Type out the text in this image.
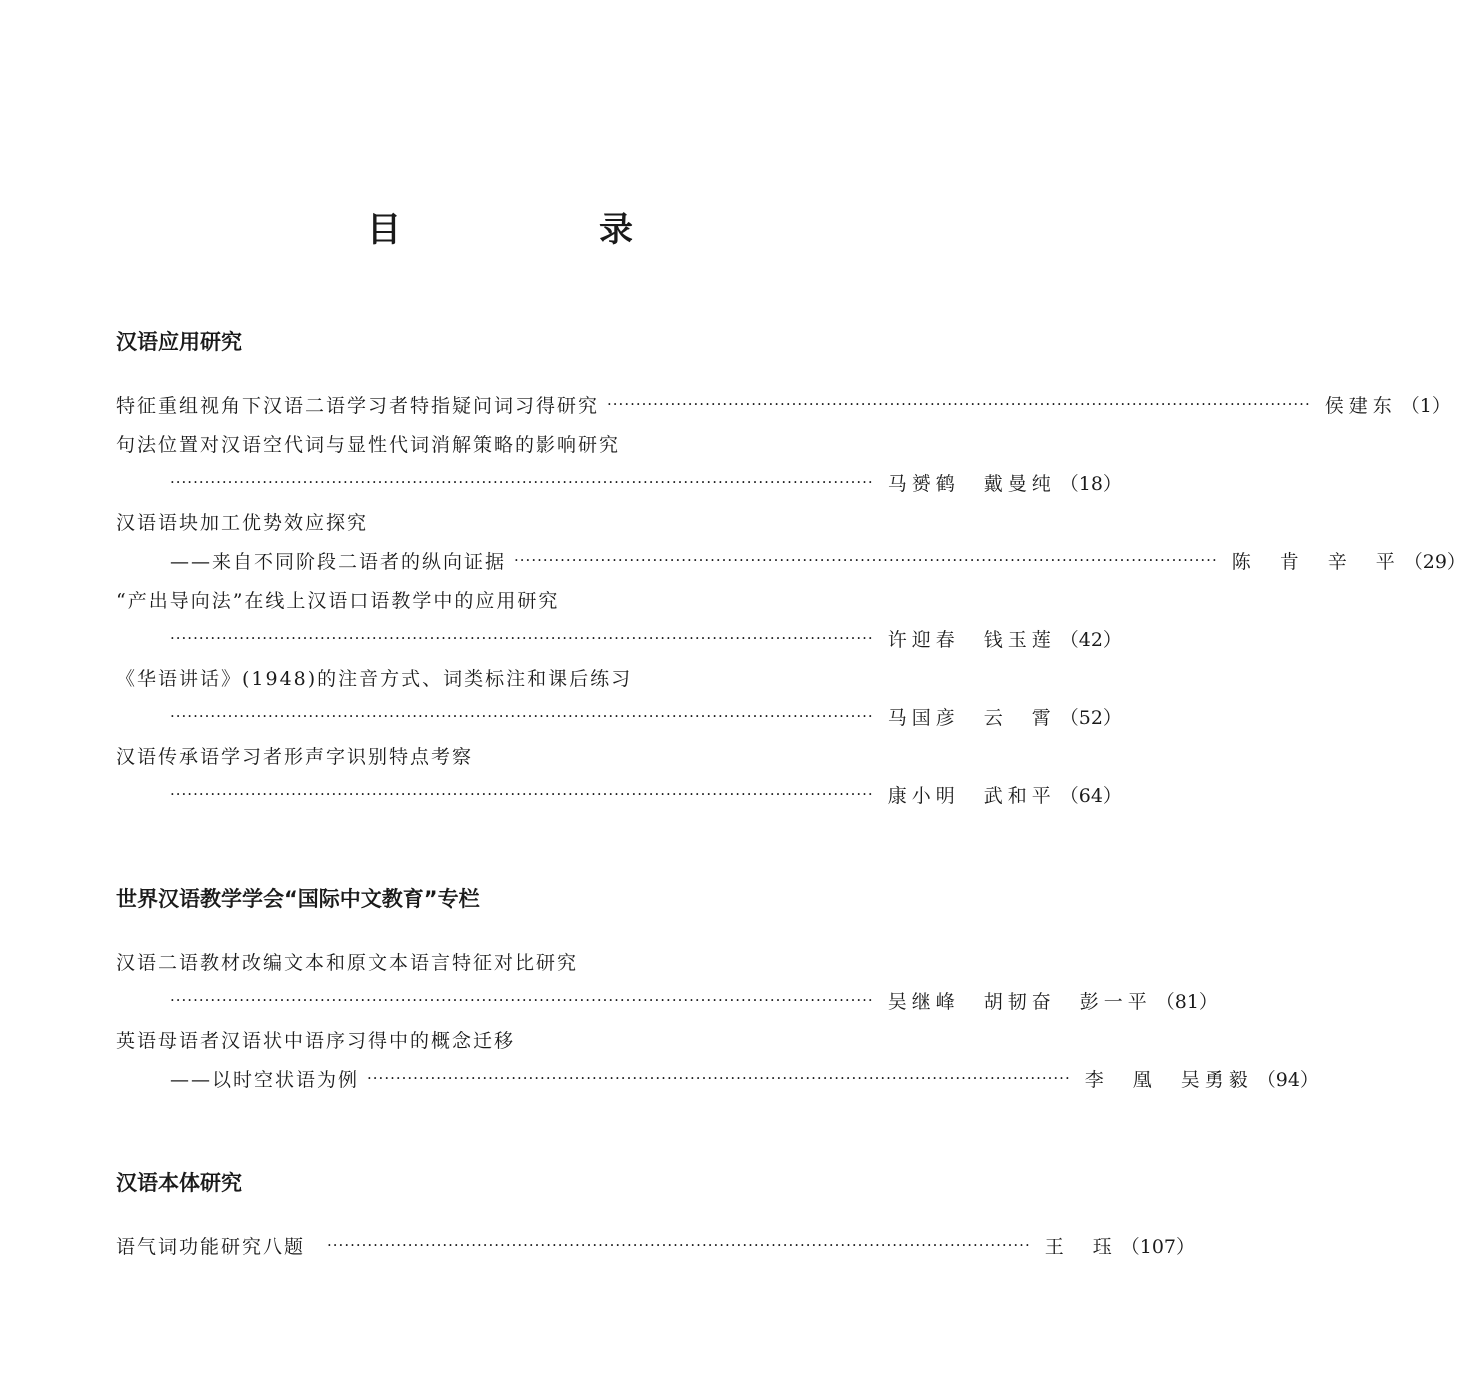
目　录
汉语应用研究
特征重组视角下汉语二语学习者特指疑问词习得研究 ·························································································································· 侯建东 （1）
句法位置对汉语空代词与显性代词消解策略的影响研究
·························································································································· 马赟鹤　戴曼纯 （18）
汉语语块加工优势效应探究
——来自不同阶段二语者的纵向证据 ·························································································································· 陈　肯　辛　平 （29）
“产出导向法”在线上汉语口语教学中的应用研究
·························································································································· 许迎春　钱玉莲 （42）
《华语讲话》(1948)的注音方式、词类标注和课后练习
·························································································································· 马国彦　云　霄 （52）
汉语传承语学习者形声字识别特点考察
·························································································································· 康小明　武和平 （64）
世界汉语教学学会“国际中文教育”专栏
汉语二语教材改编文本和原文本语言特征对比研究
·························································································································· 吴继峰　胡韧奋　彭一平 （81）
英语母语者汉语状中语序习得中的概念迁移
——以时空状语为例 ·························································································································· 李　凰　吴勇毅 （94）
汉语本体研究
语气词功能研究八题 ·························································································································· 王　珏 （107）
